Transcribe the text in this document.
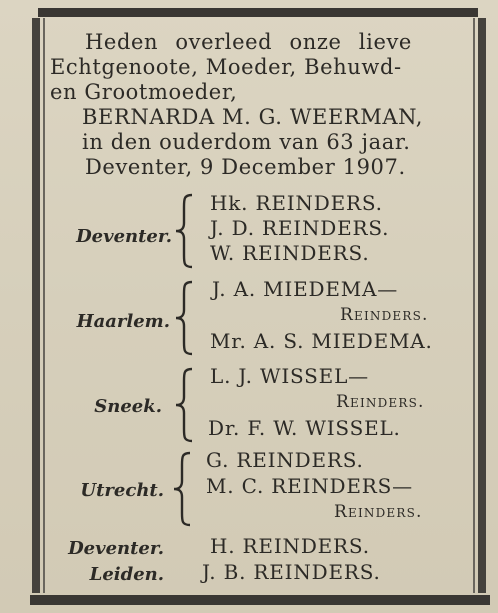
Heden overleed onze lieve
Echtgenoote, Moeder, Behuwd-
en Grootmoeder,
BERNARDA M. G. WEERMAN,
in den ouderdom van 63 jaar.
Deventer, 9 December 1907.
Deventer.
Hk. REINDERS.
J. D. REINDERS.
W. REINDERS.
Haarlem.
J. A. MIEDEMA—
Reinders.
Mr. A. S. MIEDEMA.
Sneek.
L. J. WISSEL—
Reinders.
Dr. F. W. WISSEL.
Utrecht.
G. REINDERS.
M. C. REINDERS—
Reinders.
Deventer. H. REINDERS.
Leiden. J. B. REINDERS.
